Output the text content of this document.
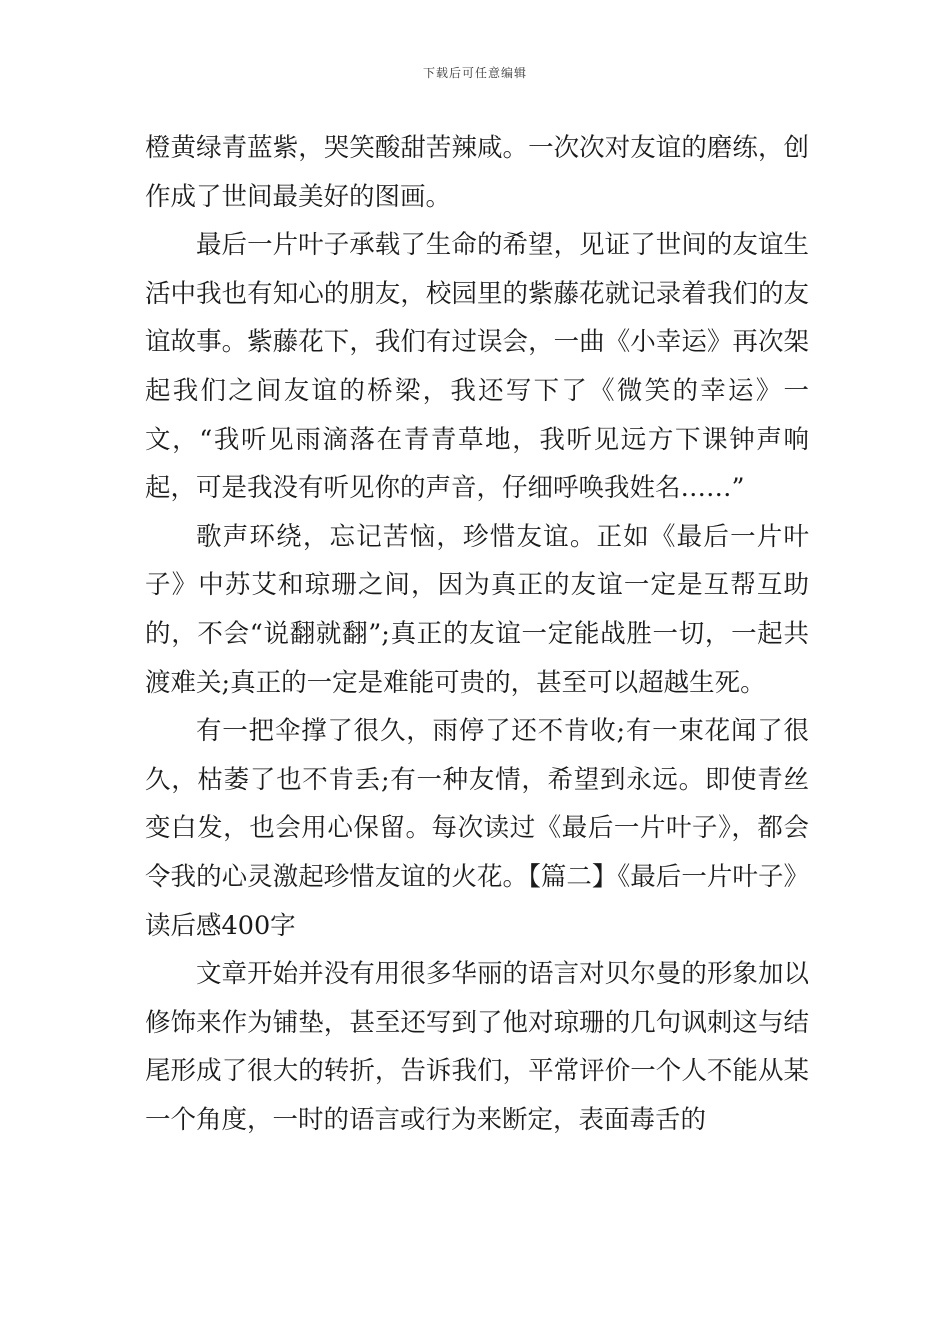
下载后可任意编辑

橙黄绿青蓝紫，哭笑酸甜苦辣咸。一次次对友谊的磨练，创作成了世间最美好的图画。

最后一片叶子承载了生命的希望，见证了世间的友谊生活中我也有知心的朋友，校园里的紫藤花就记录着我们的友谊故事。紫藤花下，我们有过误会，一曲《小幸运》再次架起我们之间友谊的桥梁，我还写下了《微笑的幸运》一文，“我听见雨滴落在青青草地，我听见远方下课钟声响起，可是我没有听见你的声音，仔细呼唤我姓名……”

歌声环绕，忘记苦恼，珍惜友谊。正如《最后一片叶子》中苏艾和琼珊之间，因为真正的友谊一定是互帮互助的，不会“说翻就翻”;真正的友谊一定能战胜一切，一起共渡难关;真正的一定是难能可贵的，甚至可以超越生死。

有一把伞撑了很久，雨停了还不肯收;有一束花闻了很久，枯萎了也不肯丢;有一种友情，希望到永远。即使青丝变白发，也会用心保留。每次读过《最后一片叶子》，都会令我的心灵激起珍惜友谊的火花。【篇二】《最后一片叶子》读后感400字

文章开始并没有用很多华丽的语言对贝尔曼的形象加以修饰来作为铺垫，甚至还写到了他对琼珊的几句讽刺这与结尾形成了很大的转折，告诉我们，平常评价一个人不能从某一个角度，一时的语言或行为来断定，表面毒舌的
